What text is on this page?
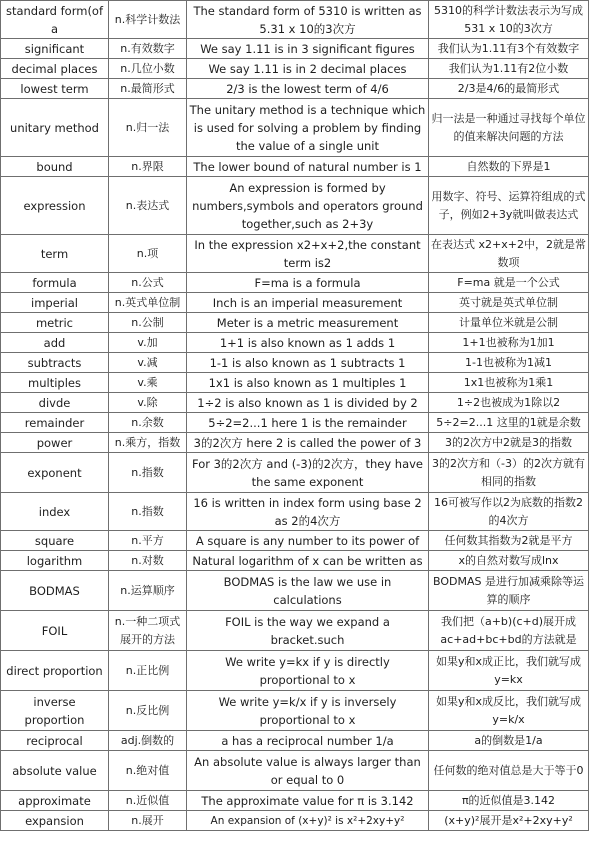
standard form(of a	n.科学计数法	The standard form of 5310 is written as 5.31 x 10的3次方	5310的科学计数法表示为写成531 x 10的3次方
significant	n.有效数字	We say 1.11 is in 3 significant figures	我们认为1.11有3个有效数字
decimal places	n.几位小数	We say 1.11 is in 2 decimal places	我们认为1.11有2位小数
lowest term	n.最简形式	2/3 is the lowest term of 4/6	2/3是4/6的最简形式
unitary method	n.归一法	The unitary method is a technique which is used for solving a problem by finding the value of a single unit	归一法是一种通过寻找每个单位的值来解决问题的方法
bound	n.界限	The lower bound of natural number is 1	自然数的下界是1
expression	n.表达式	An expression is formed by numbers,symbols and operators ground together,such as 2+3y	用数字、符号、运算符组成的式子，例如2+3y就叫做表达式
term	n.项	In the expression x2+x+2,the constant term is2	在表达式 x2+x+2中，2就是常数项
formula	n.公式	F=ma is a formula	F=ma 就是一个公式
imperial	n.英式单位制	Inch is an imperial measurement	英寸就是英式单位制
metric	n.公制	Meter is a metric measurement	计量单位米就是公制
add	v.加	1+1 is also known as 1 adds 1	1+1也被称为1加1
subtracts	v.减	1-1 is also known as 1 subtracts 1	1-1也被称为1减1
multiples	v.乘	1x1 is also known as 1 multiples 1	1x1也被称为1乘1
divde	v.除	1÷2 is also known as 1 is divided by 2	1÷2也被成为1除以2
remainder	n.余数	5÷2=2...1 here 1 is the remainder	5÷2=2...1 这里的1就是余数
power	n.乘方，指数	3的2次方 here 2 is called the power of 3	3的2次方中2就是3的指数
exponent	n.指数	For 3的2次方 and (-3)的2次方，they have the same exponent	3的2次方和（-3）的2次方就有相同的指数
index	n.指数	16 is written in index form using base 2 as 2的4次方	16可被写作以2为底数的指数2的4次方
square	n.平方	A square is any number to its power of	任何数其指数为2就是平方
logarithm	n.对数	Natural logarithm of x can be written as	x的自然对数写成lnx
BODMAS	n.运算顺序	BODMAS is the law we use in calculations	BODMAS 是进行加减乘除等运算的顺序
FOIL	n.一种二项式展开的方法	FOIL is the way we expand a bracket.such	我们把（a+b)(c+d)展开成ac+ad+bc+bd的方法就是
direct proportion	n.正比例	We write y=kx if y is directly proportional to x	如果y和x成正比，我们就写成y=kx
inverse proportion	n.反比例	We write y=k/x if y is inversely proportional to x	如果y和x成反比，我们就写成y=k/x
reciprocal	adj.倒数的	a has a reciprocal number 1/a	a的倒数是1/a
absolute value	n.绝对值	An absolute value is always larger than or equal to 0	任何数的绝对值总是大于等于0
approximate	n.近似值	The approximate value for π is 3.142	π的近似值是3.142
expansion	n.展开	An expansion of (x+y)² is x²+2xy+y²	(x+y)²展开是x²+2xy+y²
